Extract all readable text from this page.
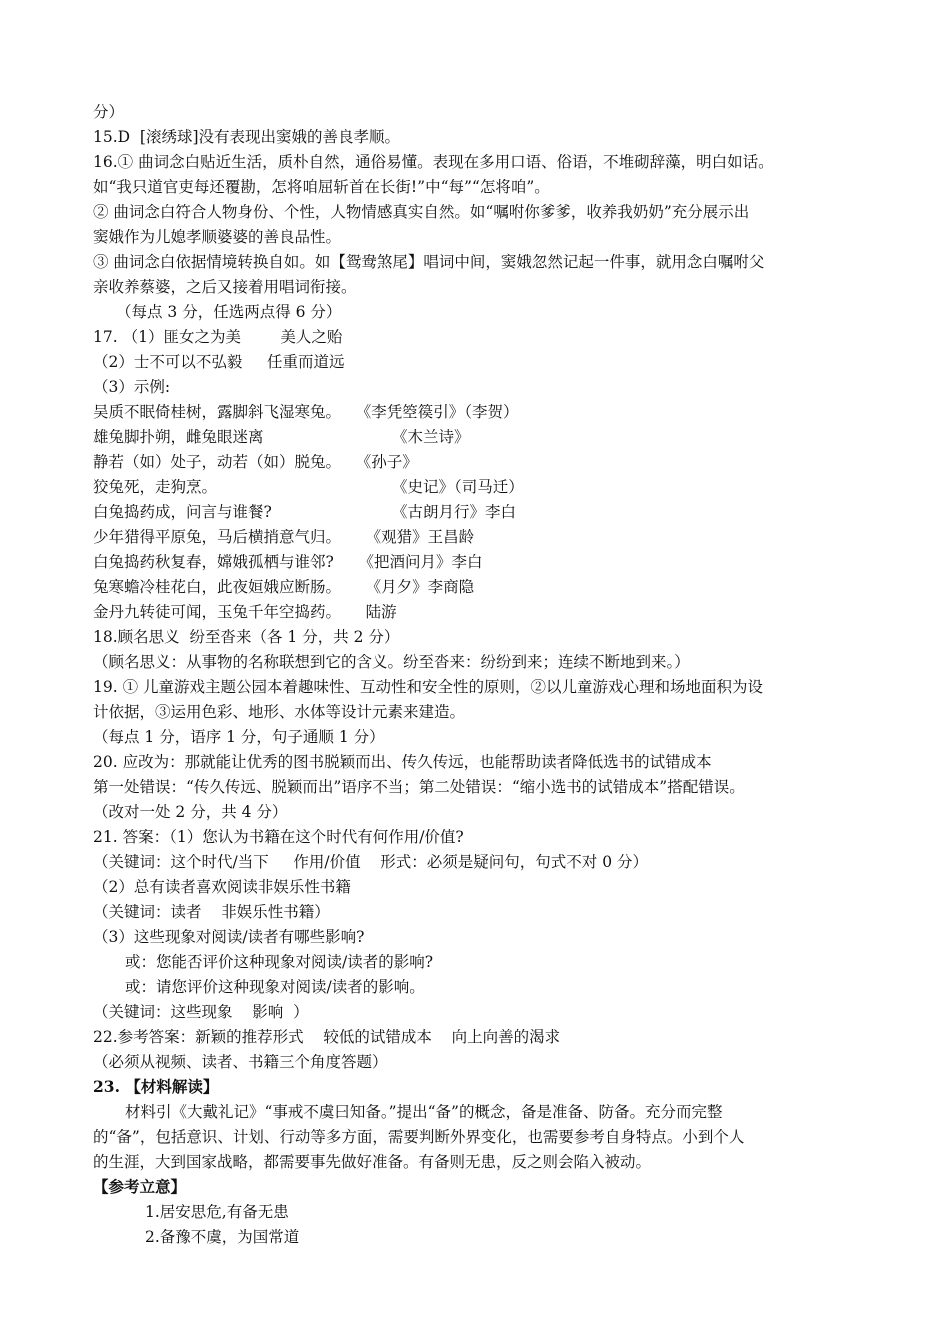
分）
15.D  [滚绣球]没有表现出窦娥的善良孝顺。
16.① 曲词念白贴近生活，质朴自然，通俗易懂。表现在多用口语、俗语，不堆砌辞藻，明白如话。
如“我只道官吏每还覆勘，怎将咱屈斩首在长街!”中“每”“怎将咱”。
② 曲词念白符合人物身份、个性，人物情感真实自然。如“嘱咐你爹爹，收养我奶奶”充分展示出
窦娥作为儿媳孝顺婆婆的善良品性。
③ 曲词念白依据情境转换自如。如【鸳鸯煞尾】唱词中间，窦娥忽然记起一件事，就用念白嘱咐父
亲收养蔡婆，之后又接着用唱词衔接。
（每点 3 分，任选两点得 6 分）
17. （1）匪女之为美        美人之贻
（2）士不可以不弘毅     任重而道远
（3）示例:
吴质不眠倚桂树，露脚斜飞湿寒兔。   《李凭箜篌引》（李贺）
雄兔脚扑朔，雌兔眼迷离	《木兰诗》
静若（如）处子，动若（如）脱兔。   《孙子》
狡兔死，走狗烹。	《史记》（司马迁）
白兔捣药成，问言与谁餐?	《古朗月行》李白
少年猎得平原兔，马后横捎意气归。     《观猎》王昌龄
白兔捣药秋复春，嫦娥孤栖与谁邻?     《把酒问月》李白
兔寒蟾冷桂花白，此夜姮娥应断肠。     《月夕》李商隐
金丹九转徒可闻，玉兔千年空捣药。     陆游
18.顾名思义  纷至沓来（各 1 分，共 2 分）
（顾名思义：从事物的名称联想到它的含义。纷至沓来：纷纷到来；连续不断地到来。）
19. ① 儿童游戏主题公园本着趣味性、互动性和安全性的原则，②以儿童游戏心理和场地面积为设
计依据，③运用色彩、地形、水体等设计元素来建造。
（每点 1 分，语序 1 分，句子通顺 1 分）
20. 应改为：那就能让优秀的图书脱颖而出、传久传远，也能帮助读者降低选书的试错成本
第一处错误：“传久传远、脱颖而出”语序不当；第二处错误：“缩小选书的试错成本”搭配错误。
（改对一处 2 分，共 4 分）
21. 答案：（1）您认为书籍在这个时代有何作用/价值?
（关键词：这个时代/当下     作用/价值    形式：必须是疑问句，句式不对 0 分）
（2）总有读者喜欢阅读非娱乐性书籍
（关键词：读者    非娱乐性书籍）
（3）这些现象对阅读/读者有哪些影响?
或：您能否评价这种现象对阅读/读者的影响?
或：请您评价这种现象对阅读/读者的影响。
（关键词：这些现象    影响  ）
22.参考答案：新颖的推荐形式    较低的试错成本    向上向善的渴求
（必须从视频、读者、书籍三个角度答题）
23. 【材料解读】
材料引《大戴礼记》“事戒不虞曰知备。”提出“备”的概念，备是准备、防备。充分而完整
的“备”，包括意识、计划、行动等多方面，需要判断外界变化，也需要参考自身特点。小到个人
的生涯，大到国家战略，都需要事先做好准备。有备则无患，反之则会陷入被动。
【参考立意】
1.居安思危,有备无患
2.备豫不虞，为国常道
